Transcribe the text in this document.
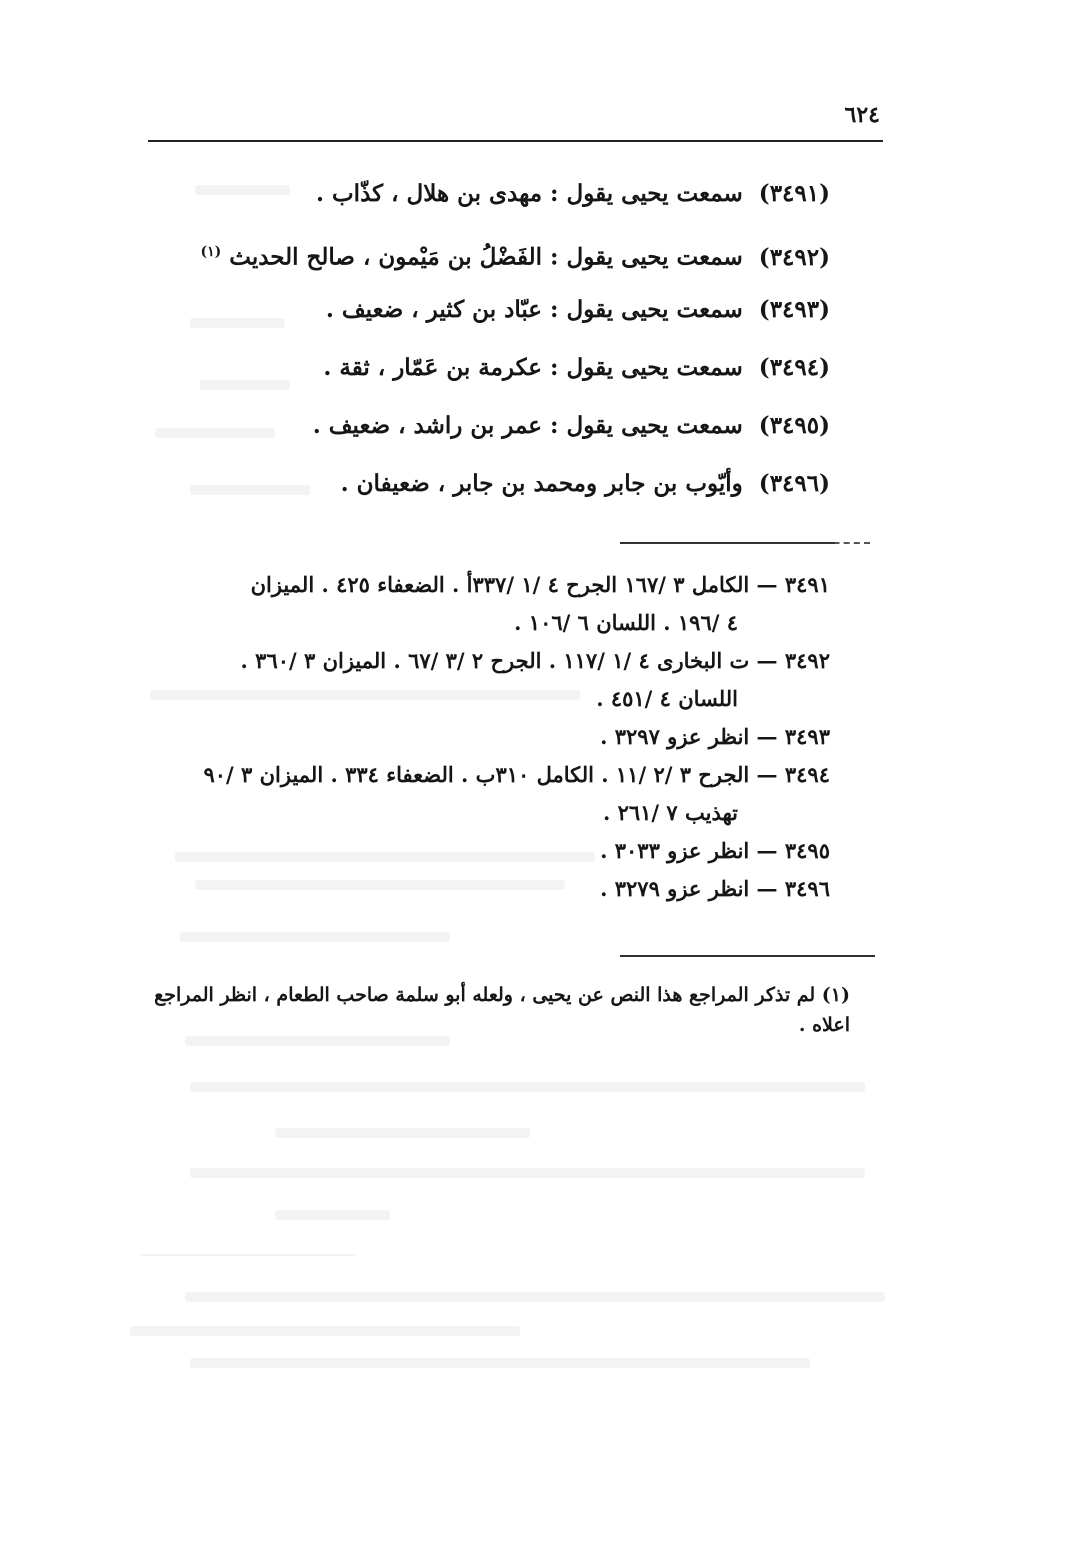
٦٢٤
(٣٤٩١) سمعت يحيى يقول : مهدى بن هلال ، كذّاب .
(٣٤٩٢) سمعت يحيى يقول : الفَضْلُ بن مَيْمون ، صالح الحديث $^{(١)}$
(٣٤٩٣) سمعت يحيى يقول : عبّاد بن كثير ، ضعيف .
(٣٤٩٤) سمعت يحيى يقول : عكرمة بن عَمّار ، ثقة .
(٣٤٩٥) سمعت يحيى يقول : عمر بن راشد ، ضعيف .
(٣٤٩٦) وأيّوب بن جابر ومحمد بن جابر ، ضعيفان .
٣٤٩١ — الكامل ٣ /١٦٧ الجرح ٤ /١ /٣٣٧أ . الضعفاء ٤٢٥ . الميزان
٤ /١٩٦ . اللسان ٦ /١٠٦ .
٣٤٩٢ — ت البخارى ٤ /١ /١١٧ . الجرح ٢ /٣ /٦٧ . الميزان ٣ /٣٦٠ .
اللسان ٤ /٤٥١ .
٣٤٩٣ — انظر عزو ٣٢٩٧ .
٣٤٩٤ — الجرح ٣ /٢ /١١ . الكامل ٣١٠ب . الضعفاء ٣٣٤ . الميزان ٣ /٩٠
تهذيب ٧ /٢٦١ .
٣٤٩٥ — انظر عزو ٣٠٣٣ .
٣٤٩٦ — انظر عزو ٣٢٧٩ .
(١) لم تذكر المراجع هذا النص عن يحيى ، ولعله أبو سلمة صاحب الطعام ، انظر المراجع اعلاه .
